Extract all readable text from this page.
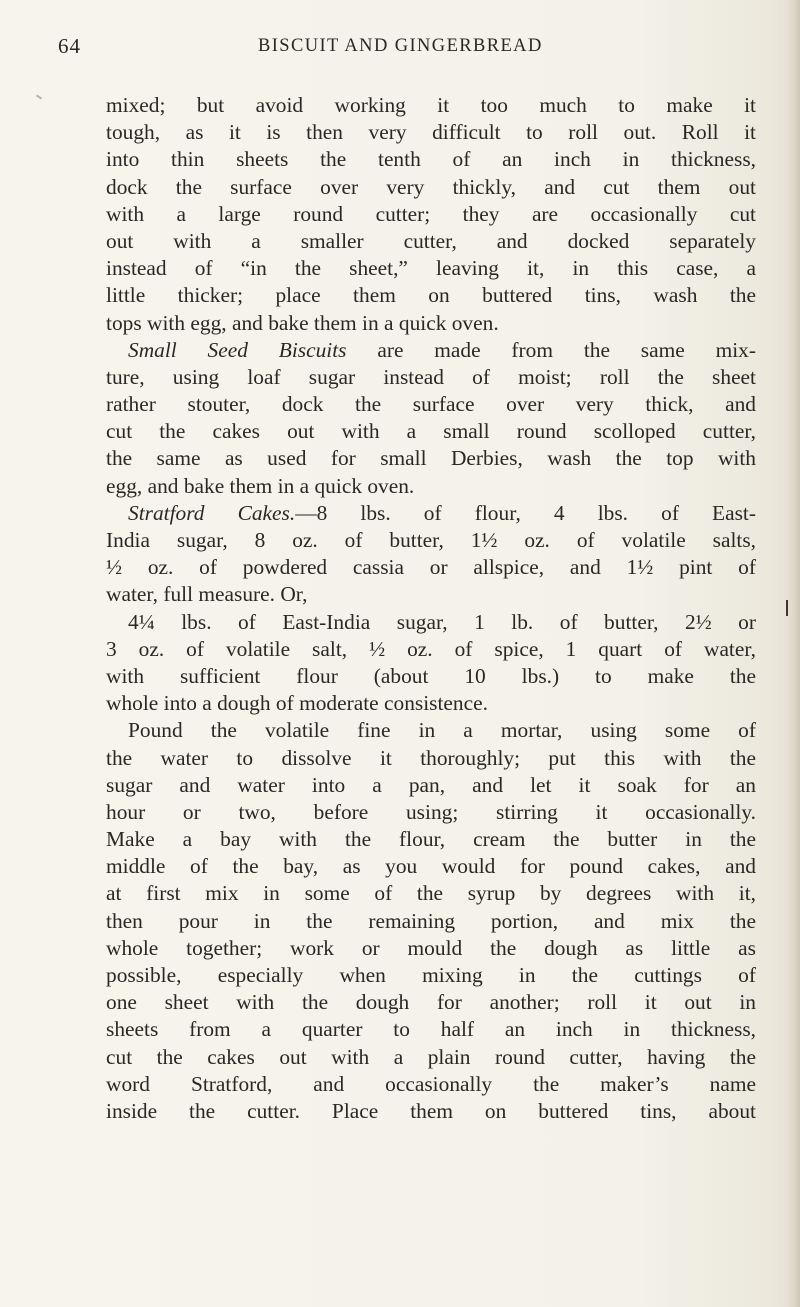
64	BISCUIT AND GINGERBREAD
mixed; but avoid working it too much to make it
tough, as it is then very difficult to roll out. Roll it
into thin sheets the tenth of an inch in thickness,
dock the surface over very thickly, and cut them out
with a large round cutter; they are occasionally cut
out with a smaller cutter, and docked separately
instead of “in the sheet,” leaving it, in this case, a
little thicker; place them on buttered tins, wash the
tops with egg, and bake them in a quick oven.
Small Seed Biscuits are made from the same mix-
ture, using loaf sugar instead of moist; roll the sheet
rather stouter, dock the surface over very thick, and
cut the cakes out with a small round scolloped cutter,
the same as used for small Derbies, wash the top with
egg, and bake them in a quick oven.
Stratford Cakes.—8 lbs. of flour, 4 lbs. of East-
India sugar, 8 oz. of butter, 1½ oz. of volatile salts,
½ oz. of powdered cassia or allspice, and 1½ pint of
water, full measure. Or,
4¼ lbs. of East-India sugar, 1 lb. of butter, 2½ or
3 oz. of volatile salt, ½ oz. of spice, 1 quart of water,
with sufficient flour (about 10 lbs.) to make the
whole into a dough of moderate consistence.
Pound the volatile fine in a mortar, using some of
the water to dissolve it thoroughly; put this with the
sugar and water into a pan, and let it soak for an
hour or two, before using; stirring it occasionally.
Make a bay with the flour, cream the butter in the
middle of the bay, as you would for pound cakes, and
at first mix in some of the syrup by degrees with it,
then pour in the remaining portion, and mix the
whole together; work or mould the dough as little as
possible, especially when mixing in the cuttings of
one sheet with the dough for another; roll it out in
sheets from a quarter to half an inch in thickness,
cut the cakes out with a plain round cutter, having the
word Stratford, and occasionally the maker’s name
inside the cutter. Place them on buttered tins, about
